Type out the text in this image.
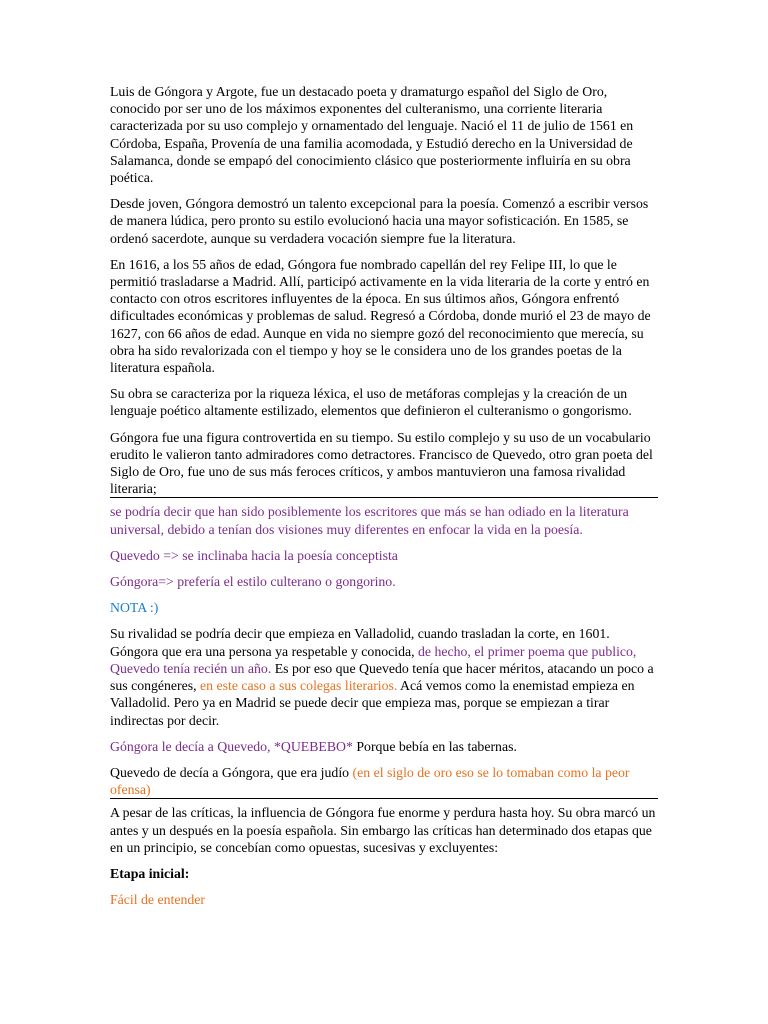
Luis de Góngora y Argote, fue un destacado poeta y dramaturgo español del Siglo de Oro, conocido por ser uno de los máximos exponentes del culteranismo, una corriente literaria caracterizada por su uso complejo y ornamentado del lenguaje. Nació el 11 de julio de 1561 en Córdoba, España, Provenía de una familia acomodada, y Estudió derecho en la Universidad de Salamanca, donde se empapó del conocimiento clásico que posteriormente influiría en su obra poética.

Desde joven, Góngora demostró un talento excepcional para la poesía. Comenzó a escribir versos de manera lúdica, pero pronto su estilo evolucionó hacia una mayor sofisticación. En 1585, se ordenó sacerdote, aunque su verdadera vocación siempre fue la literatura.

En 1616, a los 55 años de edad, Góngora fue nombrado capellán del rey Felipe III, lo que le permitió trasladarse a Madrid. Allí, participó activamente en la vida literaria de la corte y entró en contacto con otros escritores influyentes de la época. En sus últimos años, Góngora enfrentó dificultades económicas y problemas de salud. Regresó a Córdoba, donde murió el 23 de mayo de 1627, con 66 años de edad. Aunque en vida no siempre gozó del reconocimiento que merecía, su obra ha sido revalorizada con el tiempo y hoy se le considera uno de los grandes poetas de la literatura española.

Su obra se caracteriza por la riqueza léxica, el uso de metáforas complejas y la creación de un lenguaje poético altamente estilizado, elementos que definieron el culteranismo o gongorismo.

Góngora fue una figura controvertida en su tiempo. Su estilo complejo y su uso de un vocabulario erudito le valieron tanto admiradores como detractores. Francisco de Quevedo, otro gran poeta del Siglo de Oro, fue uno de sus más feroces críticos, y ambos mantuvieron una famosa rivalidad literaria;

se podría decir que han sido posiblemente los escritores que más se han odiado en la literatura universal, debido a tenían dos visiones muy diferentes en enfocar la vida en la poesía.

Quevedo => se inclinaba hacia la poesía conceptista

Góngora=> prefería el estilo culterano o gongorino.

NOTA :)

Su rivalidad se podría decir que empieza en Valladolid, cuando trasladan la corte, en 1601. Góngora que era una persona ya respetable y conocida, de hecho, el primer poema que publico, Quevedo tenía recién un año. Es por eso que Quevedo tenía que hacer méritos, atacando un poco a sus congéneres, en este caso a sus colegas literarios. Acá vemos como la enemistad empieza en Valladolid. Pero ya en Madrid se puede decir que empieza mas, porque se empiezan a tirar indirectas por decir.

Góngora le decía a Quevedo, *QUEBEBO* Porque bebía en las tabernas.

Quevedo de decía a Góngora, que era judío (en el siglo de oro eso se lo tomaban como la peor ofensa)

A pesar de las críticas, la influencia de Góngora fue enorme y perdura hasta hoy. Su obra marcó un antes y un después en la poesía española. Sin embargo las críticas han determinado dos etapas que en un principio, se concebían como opuestas, sucesivas y excluyentes:

Etapa inicial:

Fácil de entender
